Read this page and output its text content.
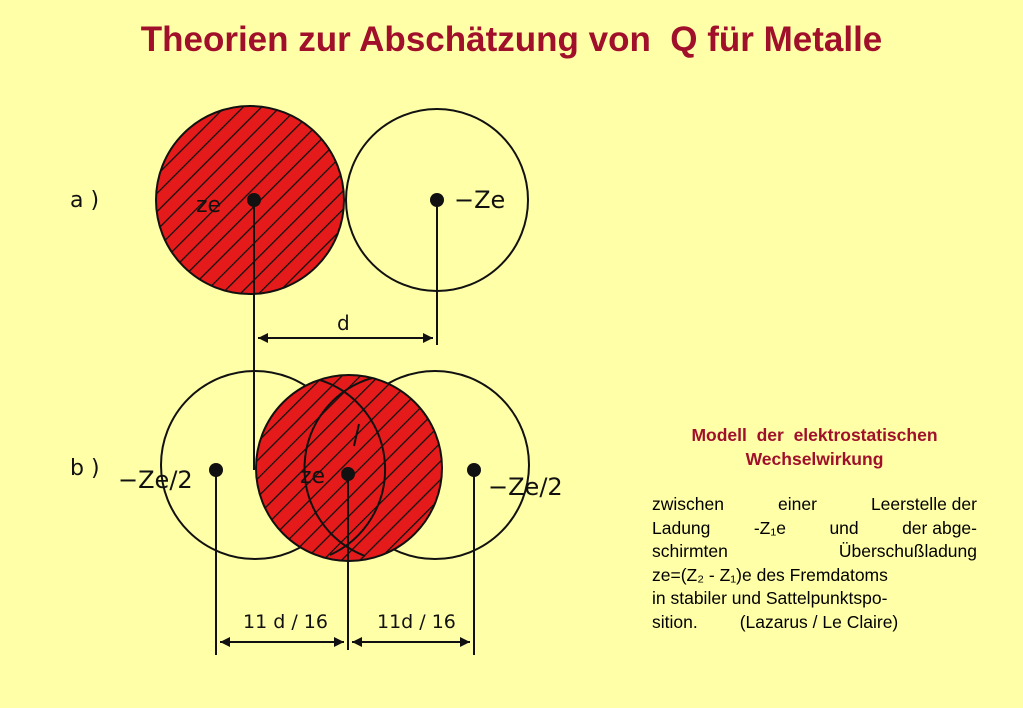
Theorien zur Abschätzung von  Q für Metalle
a )	ze	−Ze
d
b ) −Ze/2	ze	−Ze/2
11 d / 16	11d / 16
Modell  der  elektrostatischen
Wechselwirkung
zwischen	einer	Leerstelle der
Ladung -Z₁e und der abge-
schirmten	Überschußladung
ze=(Z₂ - Z₁)e des Fremdatoms
in stabiler und Sattelpunktspo-
sition. (Lazarus / Le Claire)
